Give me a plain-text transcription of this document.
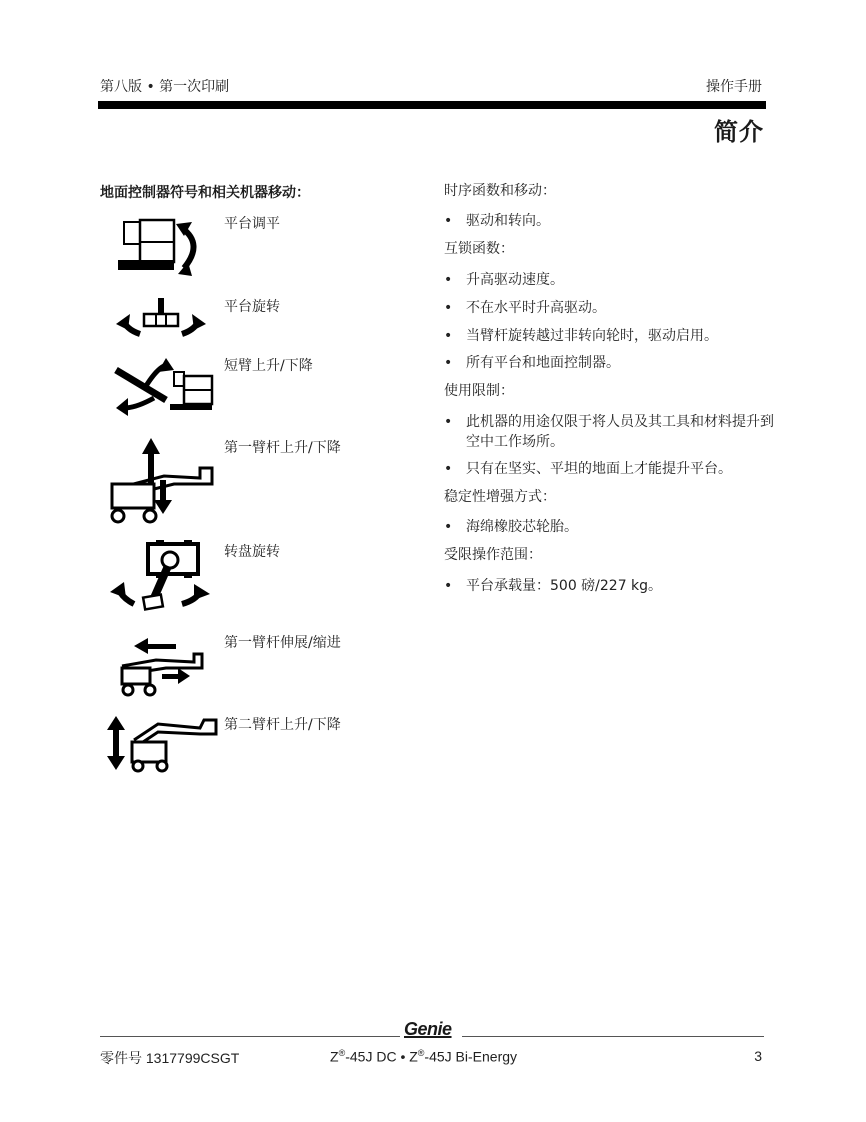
第八版 • 第一次印刷	操作手册
简介
地面控制器符号和相关机器移动：
平台调平
平台旋转
短臂上升/下降
第一臂杆上升/下降
转盘旋转
第一臂杆伸展/缩进
第二臂杆上升/下降
时序函数和移动：
• 驱动和转向。
互锁函数：
• 升高驱动速度。
• 不在水平时升高驱动。
• 当臂杆旋转越过非转向轮时，驱动启用。
• 所有平台和地面控制器。
使用限制：
• 此机器的用途仅限于将人员及其工具和材料提升到空中工作场所。
• 只有在坚实、平坦的地面上才能提升平台。
稳定性增强方式：
• 海绵橡胶芯轮胎。
受限操作范围：
• 平台承载量：500 磅/227 kg。
Genie
零件号 1317799CSGT	Z®-45J DC • Z®-45J Bi-Energy	3
